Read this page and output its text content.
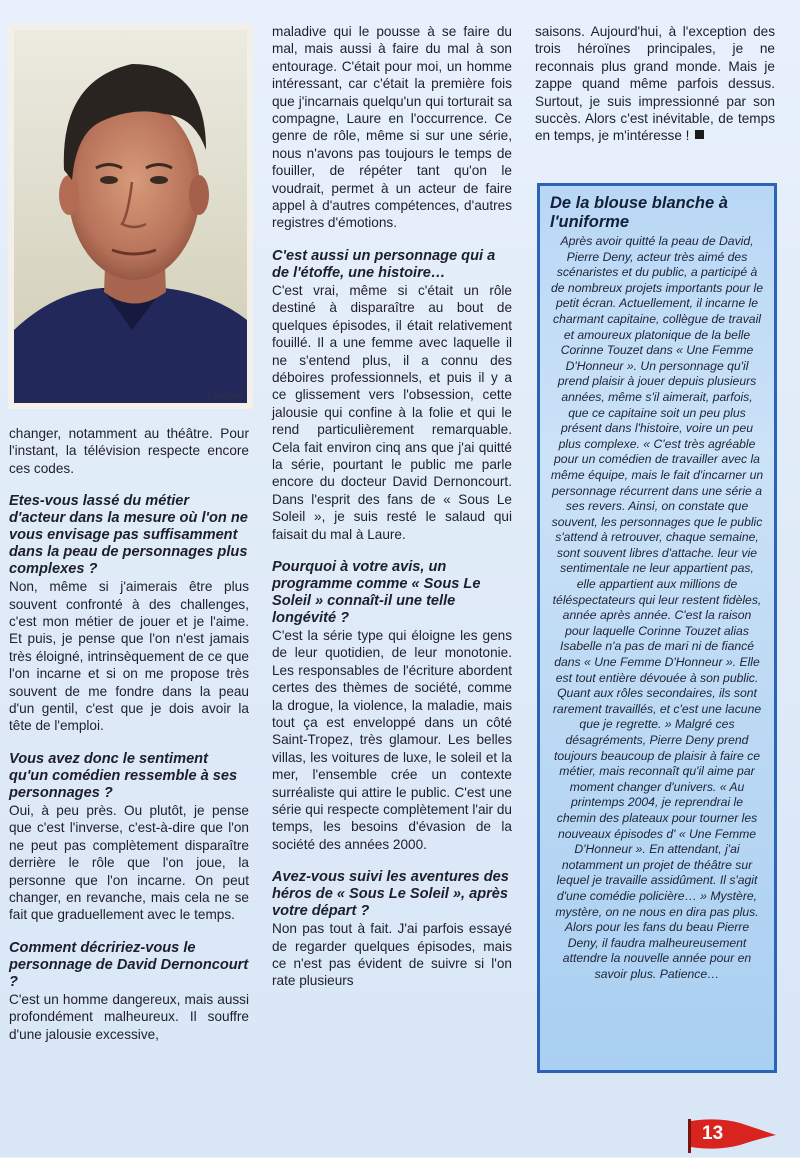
© TF1/SIPA

changer, notamment au théâtre. Pour l'instant, la télévision respecte encore ces codes.

Etes-vous lassé du métier d'acteur dans la mesure où l'on ne vous envisage pas suffisamment dans la peau de personnages plus complexes ?

Non, même si j'aimerais être plus souvent confronté à des challenges, c'est mon métier de jouer et je l'aime. Et puis, je pense que l'on n'est jamais très éloigné, intrinsèquement de ce que l'on incarne et si on me propose très souvent de me fondre dans la peau d'un gentil, c'est que je dois avoir la tête de l'emploi.

Vous avez donc le sentiment qu'un comédien ressemble à ses personnages ?

Oui, à peu près. Ou plutôt, je pense que c'est l'inverse, c'est-à-dire que l'on ne peut pas complètement disparaître derrière le rôle que l'on joue, la personne que l'on incarne. On peut changer, en revanche, mais cela ne se fait que graduellement avec le temps.

Comment décririez-vous le personnage de David Dernoncourt ?

C'est un homme dangereux, mais aussi profondément malheureux. Il souffre d'une jalousie excessive,

maladive qui le pousse à se faire du mal, mais aussi à faire du mal à son entourage. C'était pour moi, un homme intéressant, car c'était la première fois que j'incarnais quelqu'un qui torturait sa compagne, Laure en l'occurrence. Ce genre de rôle, même si sur une série, nous n'avons pas toujours le temps de fouiller, de répéter tant qu'on le voudrait, permet à un acteur de faire appel à d'autres compétences, d'autres registres d'émotions.

C'est aussi un personnage qui a de l'étoffe, une histoire…

C'est vrai, même si c'était un rôle destiné à disparaître au bout de quelques épisodes, il était relativement fouillé. Il a une femme avec laquelle il ne s'entend plus, il a connu des déboires professionnels, et puis il y a ce glissement vers l'obsession, cette jalousie qui confine à la folie et qui le rend particulièrement remarquable. Cela fait environ cinq ans que j'ai quitté la série, pourtant le public me parle encore du docteur David Dernoncourt. Dans l'esprit des fans de « Sous Le Soleil », je suis resté le salaud qui faisait du mal à Laure.

Pourquoi à votre avis, un programme comme « Sous Le Soleil » connaît-il une telle longévité ?

C'est la série type qui éloigne les gens de leur quotidien, de leur monotonie. Les responsables de l'écriture abordent certes des thèmes de société, comme la drogue, la violence, la maladie, mais tout ça est enveloppé dans un côté Saint-Tropez, très glamour. Les belles villas, les voitures de luxe, le soleil et la mer, l'ensemble crée un contexte surréaliste qui attire le public. C'est une série qui respecte complètement l'air du temps, les besoins d'évasion de la société des années 2000.

Avez-vous suivi les aventures des héros de « Sous Le Soleil », après votre départ ?

Non pas tout à fait. J'ai parfois essayé de regarder quelques épisodes, mais ce n'est pas évident de suivre si l'on rate plusieurs

saisons. Aujourd'hui, à l'exception des trois héroïnes principales, je ne reconnais plus grand monde. Mais je zappe quand même parfois dessus. Surtout, je suis impressionné par son succès. Alors c'est inévitable, de temps en temps, je m'intéresse !

De la blouse blanche à l'uniforme

Après avoir quitté la peau de David, Pierre Deny, acteur très aimé des scénaristes et du public, a participé à de nombreux projets importants pour le petit écran. Actuellement, il incarne le charmant capitaine, collègue de travail et amoureux platonique de la belle Corinne Touzet dans « Une Femme D'Honneur ». Un personnage qu'il prend plaisir à jouer depuis plusieurs années, même s'il aimerait, parfois, que ce capitaine soit un peu plus présent dans l'histoire, voire un peu plus complexe. « C'est très agréable pour un comédien de travailler avec la même équipe, mais le fait d'incarner un personnage récurrent dans une série a ses revers. Ainsi, on constate que souvent, les personnages que le public s'attend à retrouver, chaque semaine, sont souvent libres d'attache. leur vie sentimentale ne leur appartient pas, elle appartient aux millions de téléspectateurs qui leur restent fidèles, année après année. C'est la raison pour laquelle Corinne Touzet alias Isabelle n'a pas de mari ni de fiancé dans « Une Femme D'Honneur ». Elle est tout entière dévouée à son public. Quant aux rôles secondaires, ils sont rarement travaillés, et c'est une lacune que je regrette. » Malgré ces désagréments, Pierre Deny prend toujours beaucoup de plaisir à faire ce métier, mais reconnaît qu'il aime par moment changer d'univers. « Au printemps 2004, je reprendrai le chemin des plateaux pour tourner les nouveaux épisodes d' « Une Femme D'Honneur ». En attendant, j'ai notamment un projet de théâtre sur lequel je travaille assidûment. Il s'agit d'une comédie policière… » Mystère, mystère, on ne nous en dira pas plus. Alors pour les fans du beau Pierre Deny, il faudra malheureusement attendre la nouvelle année pour en savoir plus. Patience…

13
